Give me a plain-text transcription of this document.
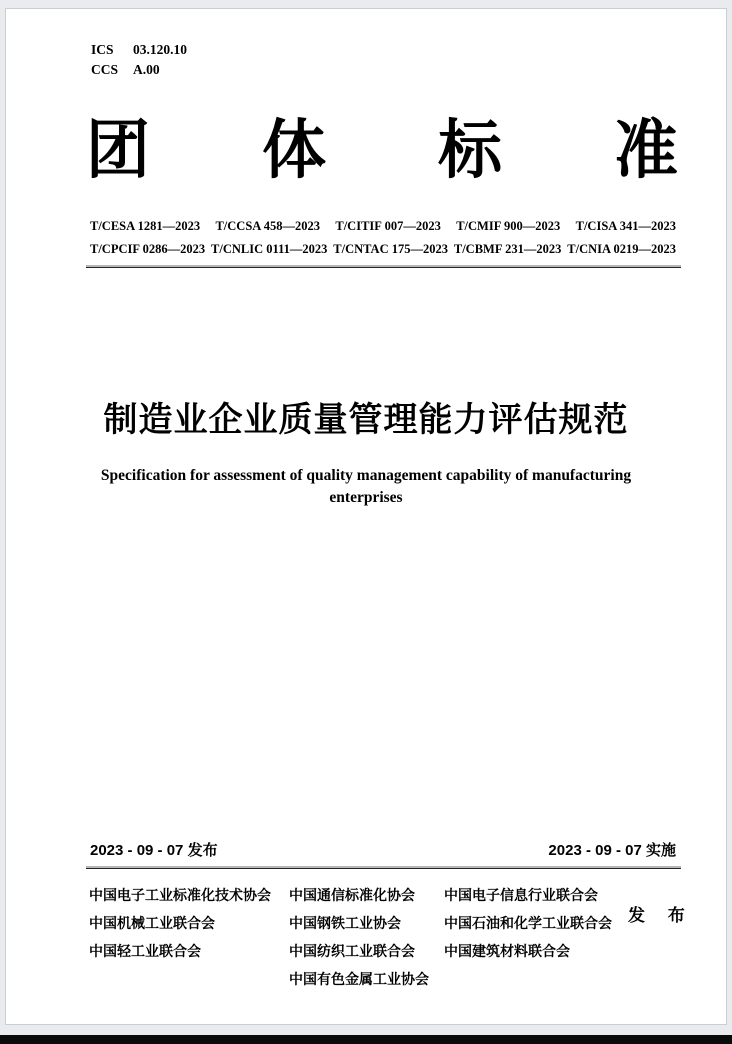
ICS 03.120.10
CCS A.00
团 体 标 准
T/CESA 1281—2023 T/CCSA 458—2023 T/CITIF 007—2023 T/CMIF 900—2023 T/CISA 341—2023
T/CPCIF 0286—2023 T/CNLIC 0111—2023 T/CNTAC 175—2023 T/CBMF 231—2023 T/CNIA 0219—2023
制造业企业质量管理能力评估规范
Specification for assessment of quality management capability of manufacturing
enterprises
2023 - 09 - 07 发布	2023 - 09 - 07 实施
中国电子工业标准化技术协会
中国机械工业联合会
中国轻工业联合会
中国通信标准化协会
中国钢铁工业协会
中国纺织工业联合会
中国有色金属工业协会
中国电子信息行业联合会
中国石油和化学工业联合会
中国建筑材料联合会
发 布
